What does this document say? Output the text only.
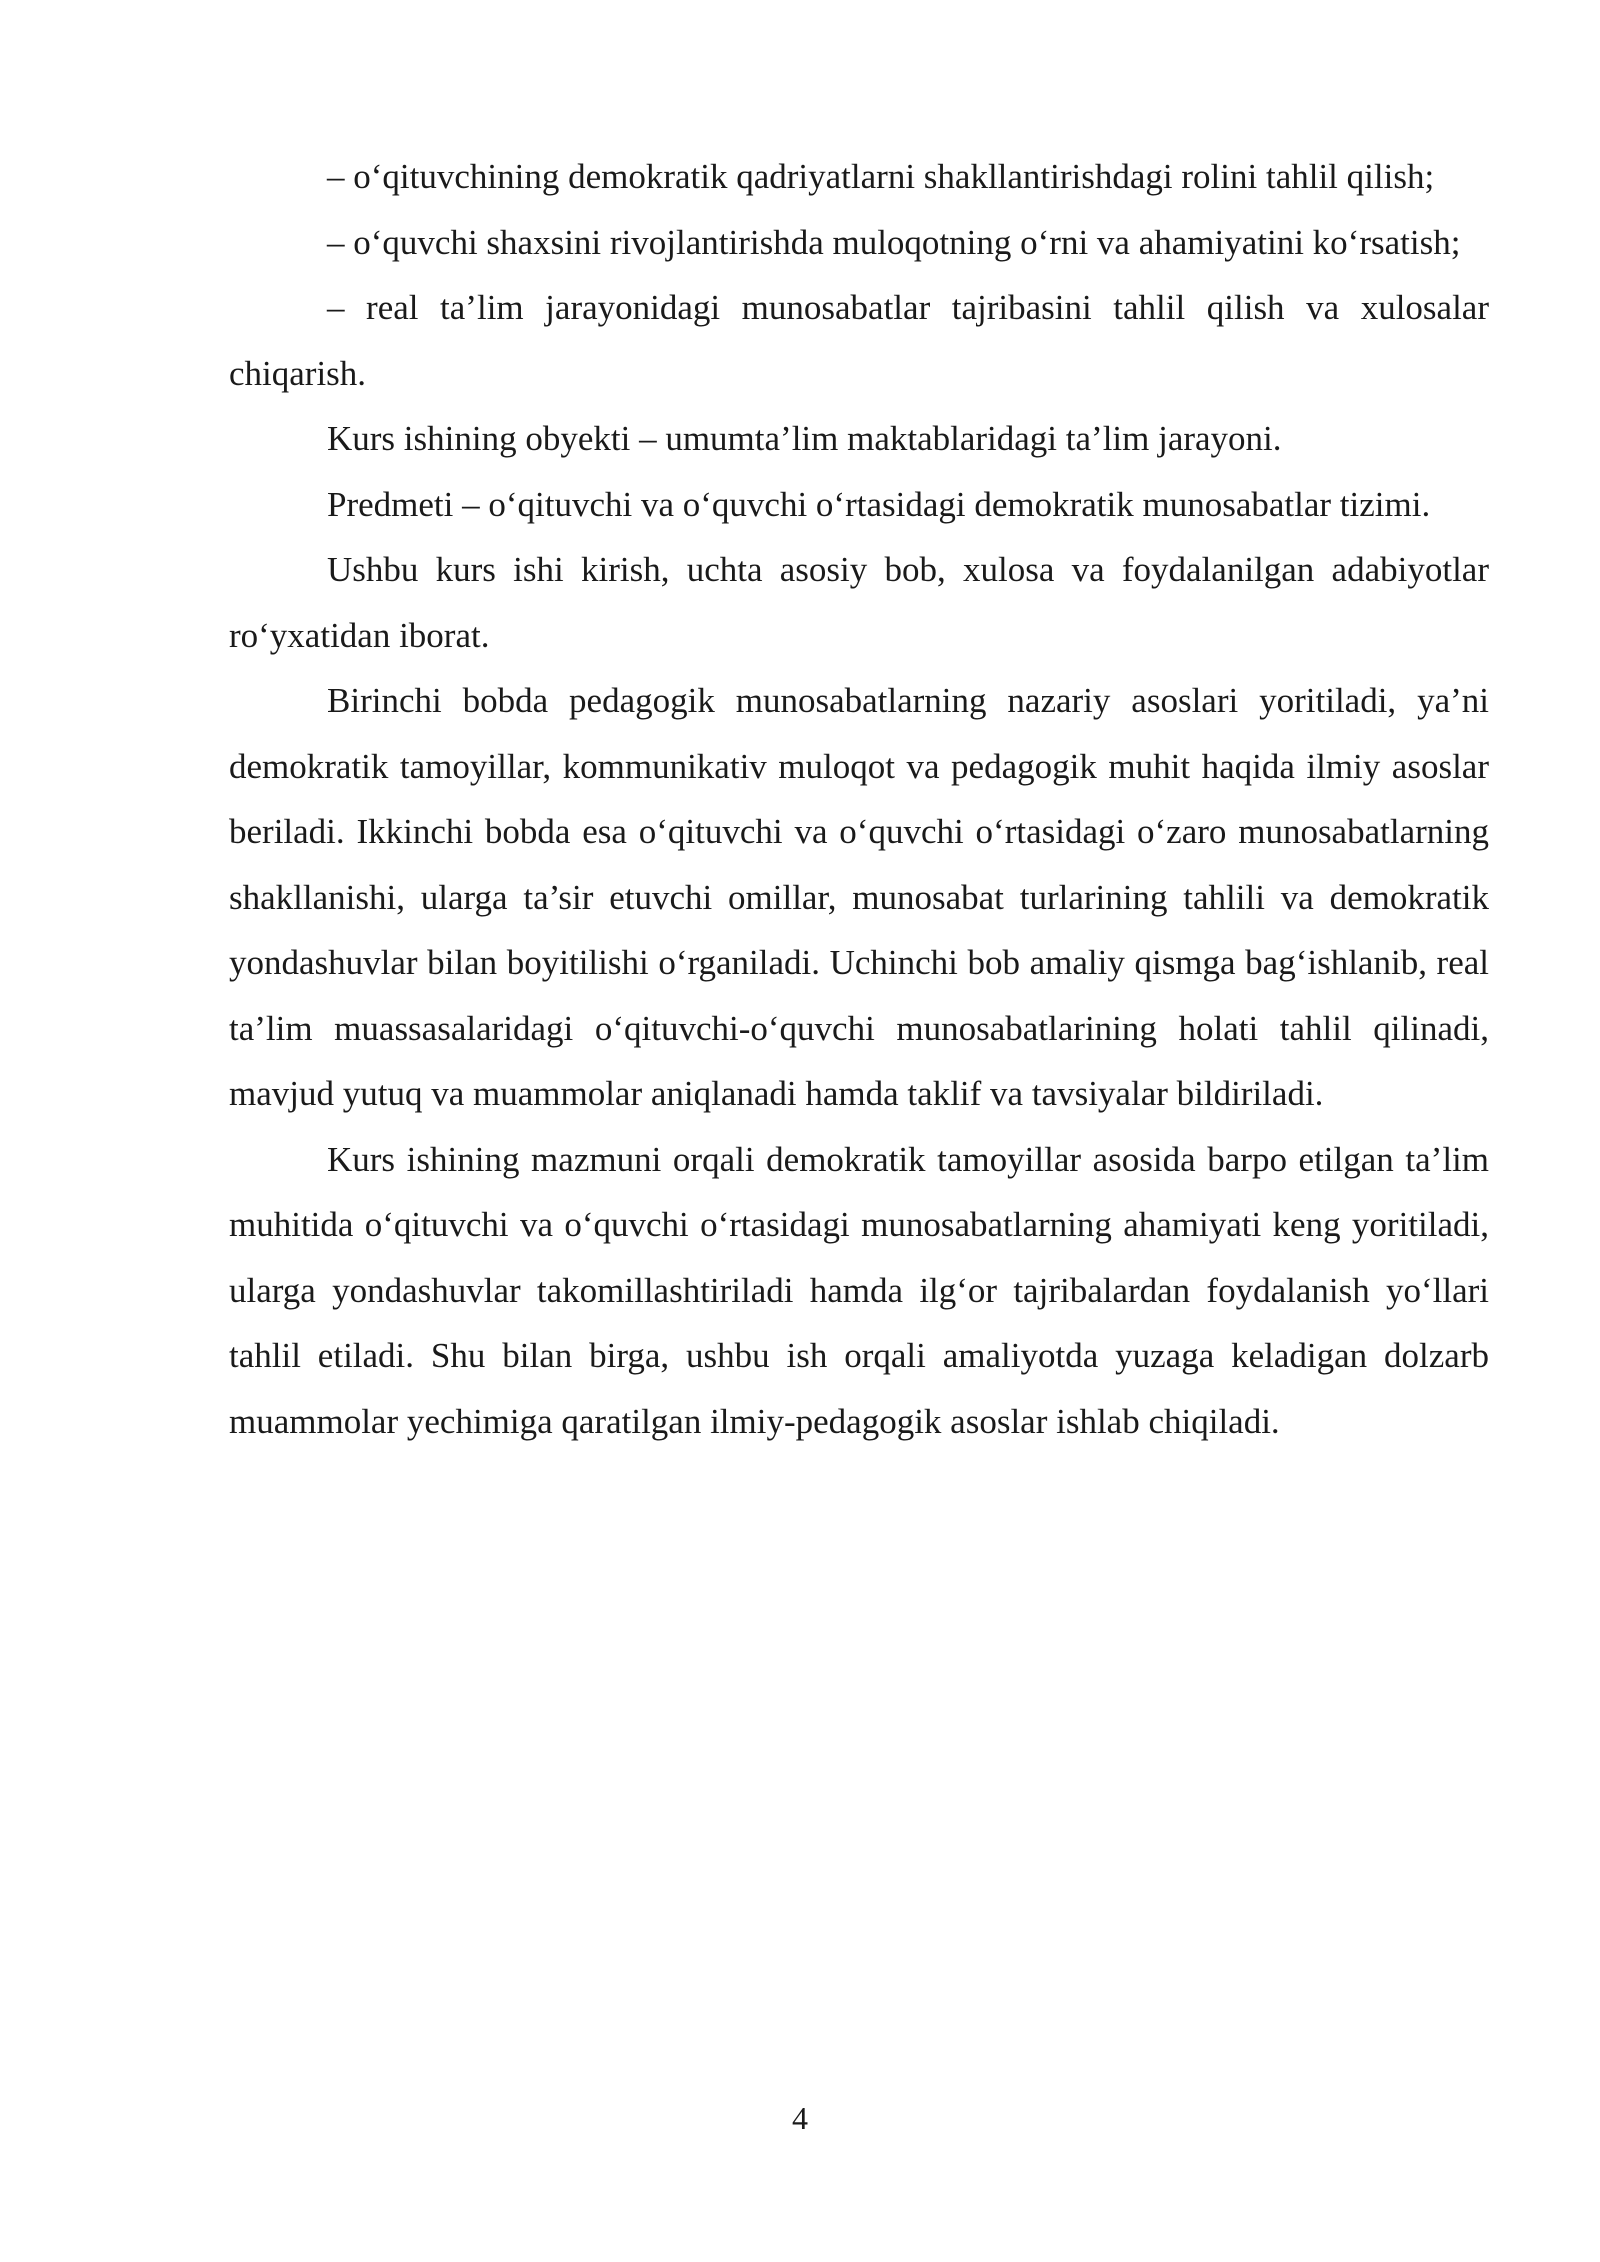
– o‘qituvchining demokratik qadriyatlarni shakllantirishdagi rolini tahlil qilish;

– o‘quvchi shaxsini rivojlantirishda muloqotning o‘rni va ahamiyatini ko‘rsatish;

– real ta’lim jarayonidagi munosabatlar tajribasini tahlil qilish va xulosalar chiqarish.

Kurs ishining obyekti – umumta’lim maktablaridagi ta’lim jarayoni.

Predmeti – o‘qituvchi va o‘quvchi o‘rtasidagi demokratik munosabatlar tizimi.

Ushbu kurs ishi kirish, uchta asosiy bob, xulosa va foydalanilgan adabiyotlar ro‘yxatidan iborat.

Birinchi bobda pedagogik munosabatlarning nazariy asoslari yoritiladi, ya’ni demokratik tamoyillar, kommunikativ muloqot va pedagogik muhit haqida ilmiy asoslar beriladi. Ikkinchi bobda esa o‘qituvchi va o‘quvchi o‘rtasidagi o‘zaro munosabatlarning shakllanishi, ularga ta’sir etuvchi omillar, munosabat turlarining tahlili va demokratik yondashuvlar bilan boyitilishi o‘rganiladi. Uchinchi bob amaliy qismga bag‘ishlanib, real ta’lim muassasalaridagi o‘qituvchi-o‘quvchi munosabatlarining holati tahlil qilinadi, mavjud yutuq va muammolar aniqlanadi hamda taklif va tavsiyalar bildiriladi.

Kurs ishining mazmuni orqali demokratik tamoyillar asosida barpo etilgan ta’lim muhitida o‘qituvchi va o‘quvchi o‘rtasidagi munosabatlarning ahamiyati keng yoritiladi, ularga yondashuvlar takomillashtiriladi hamda ilg‘or tajribalardan foydalanish yo‘llari tahlil etiladi. Shu bilan birga, ushbu ish orqali amaliyotda yuzaga keladigan dolzarb muammolar yechimiga qaratilgan ilmiy-pedagogik asoslar ishlab chiqiladi.

4
